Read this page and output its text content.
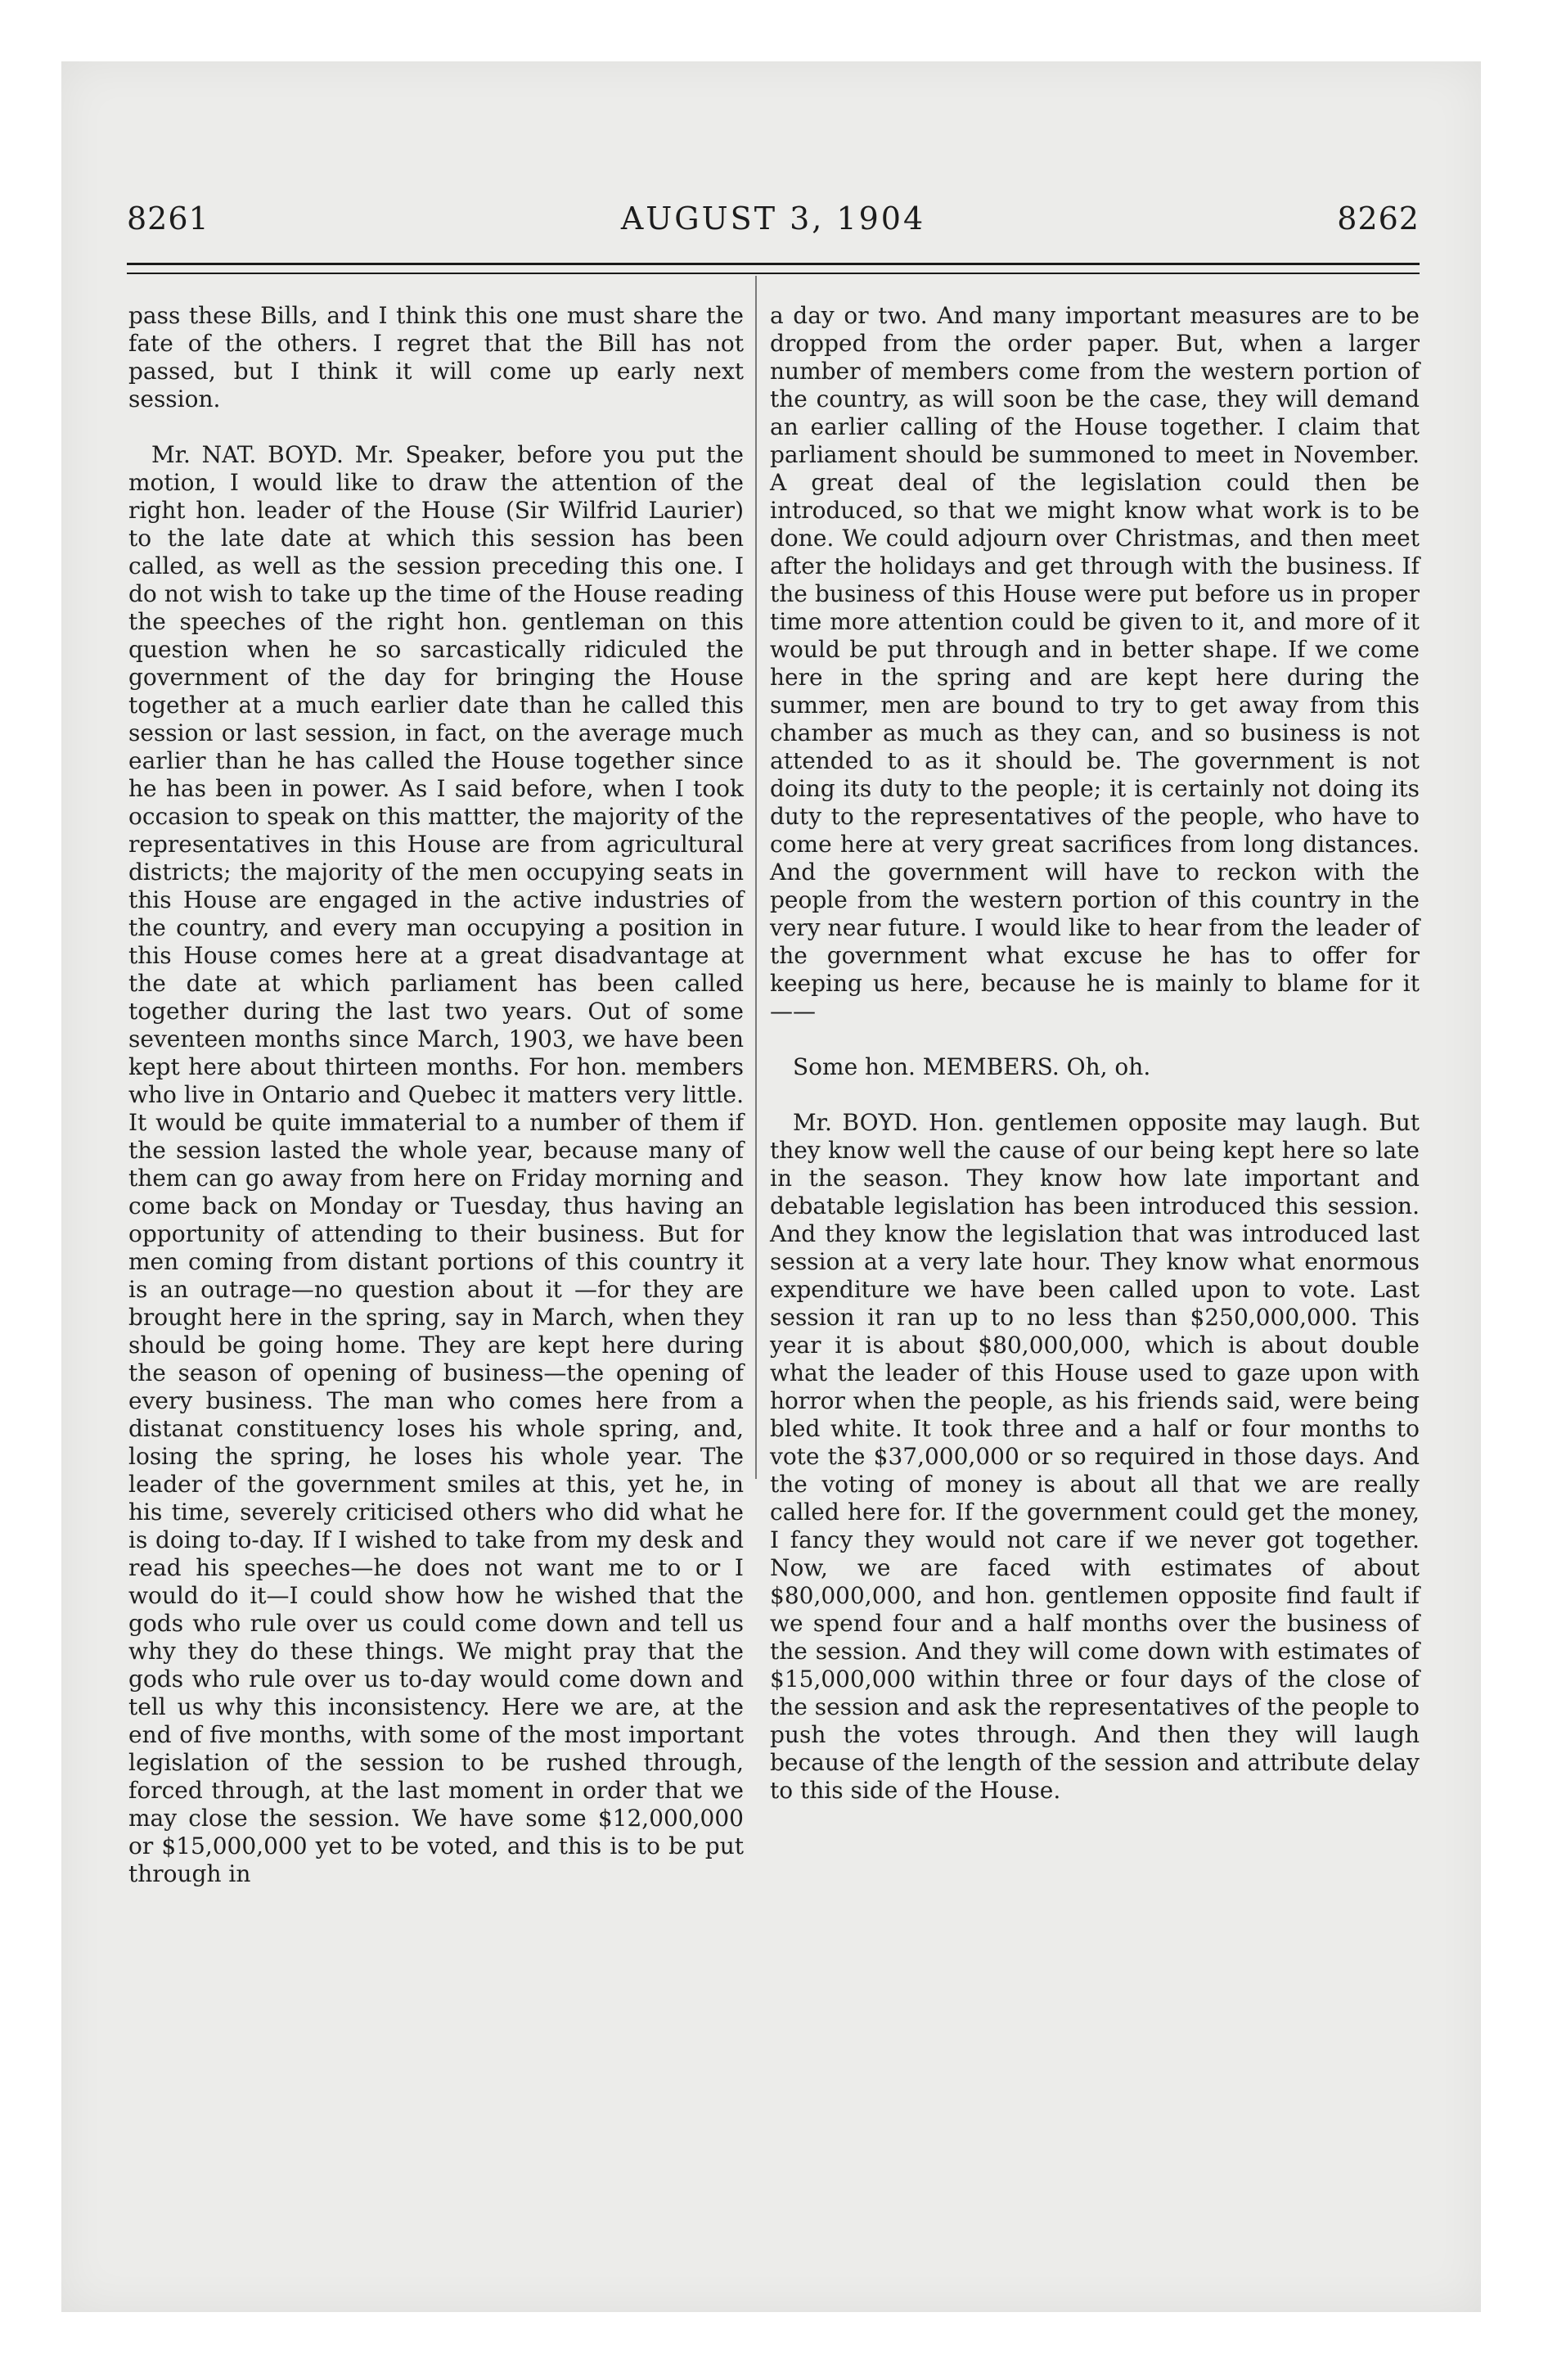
8261	AUGUST 3, 1904	8262

pass these Bills, and I think this one must share the fate of the others. I regret that the Bill has not passed, but I think it will come up early next session.

Mr. NAT. BOYD. Mr. Speaker, before you put the motion, I would like to draw the attention of the right hon. leader of the House (Sir Wilfrid Laurier) to the late date at which this session has been called, as well as the session preceding this one. I do not wish to take up the time of the House reading the speeches of the right hon. gentleman on this question when he so sarcastically ridiculed the government of the day for bringing the House together at a much earlier date than he called this session or last session, in fact, on the average much earlier than he has called the House together since he has been in power. As I said before, when I took occasion to speak on this mattter, the majority of the representatives in this House are from agricultural districts; the majority of the men occupying seats in this House are engaged in the active industries of the country, and every man occupying a position in this House comes here at a great disadvantage at the date at which parliament has been called together during the last two years. Out of some seventeen months since March, 1903, we have been kept here about thirteen months. For hon. members who live in Ontario and Quebec it matters very little. It would be quite immaterial to a number of them if the session lasted the whole year, because many of them can go away from here on Friday morning and come back on Monday or Tuesday, thus having an opportunity of attending to their business. But for men coming from distant portions of this country it is an outrage—no question about it —for they are brought here in the spring, say in March, when they should be going home. They are kept here during the season of opening of business—the opening of every business. The man who comes here from a distanat constituency loses his whole spring, and, losing the spring, he loses his whole year. The leader of the government smiles at this, yet he, in his time, severely criticised others who did what he is doing to-day. If I wished to take from my desk and read his speeches—he does not want me to or I would do it—I could show how he wished that the gods who rule over us could come down and tell us why they do these things. We might pray that the gods who rule over us to-day would come down and tell us why this inconsistency. Here we are, at the end of five months, with some of the most important legislation of the session to be rushed through, forced through, at the last moment in order that we may close the session. We have some $12,000,000 or $15,000,000 yet to be voted, and this is to be put through in

a day or two. And many important measures are to be dropped from the order paper. But, when a larger number of members come from the western portion of the country, as will soon be the case, they will demand an earlier calling of the House together. I claim that parliament should be summoned to meet in November. A great deal of the legislation could then be introduced, so that we might know what work is to be done. We could adjourn over Christmas, and then meet after the holidays and get through with the business. If the business of this House were put before us in proper time more attention could be given to it, and more of it would be put through and in better shape. If we come here in the spring and are kept here during the summer, men are bound to try to get away from this chamber as much as they can, and so business is not attended to as it should be. The government is not doing its duty to the people; it is certainly not doing its duty to the representatives of the people, who have to come here at very great sacrifices from long distances. And the government will have to reckon with the people from the western portion of this country in the very near future. I would like to hear from the leader of the government what excuse he has to offer for keeping us here, because he is mainly to blame for it——

Some hon. MEMBERS. Oh, oh.

Mr. BOYD. Hon. gentlemen opposite may laugh. But they know well the cause of our being kept here so late in the season. They know how late important and debatable legislation has been introduced this session. And they know the legislation that was introduced last session at a very late hour. They know what enormous expenditure we have been called upon to vote. Last session it ran up to no less than $250,000,000. This year it is about $80,000,000, which is about double what the leader of this House used to gaze upon with horror when the people, as his friends said, were being bled white. It took three and a half or four months to vote the $37,000,000 or so required in those days. And the voting of money is about all that we are really called here for. If the government could get the money, I fancy they would not care if we never got together. Now, we are faced with estimates of about $80,000,000, and hon. gentlemen opposite find fault if we spend four and a half months over the business of the session. And they will come down with estimates of $15,000,000 within three or four days of the close of the session and ask the representatives of the people to push the votes through. And then they will laugh because of the length of the session and attribute delay to this side of the House.
